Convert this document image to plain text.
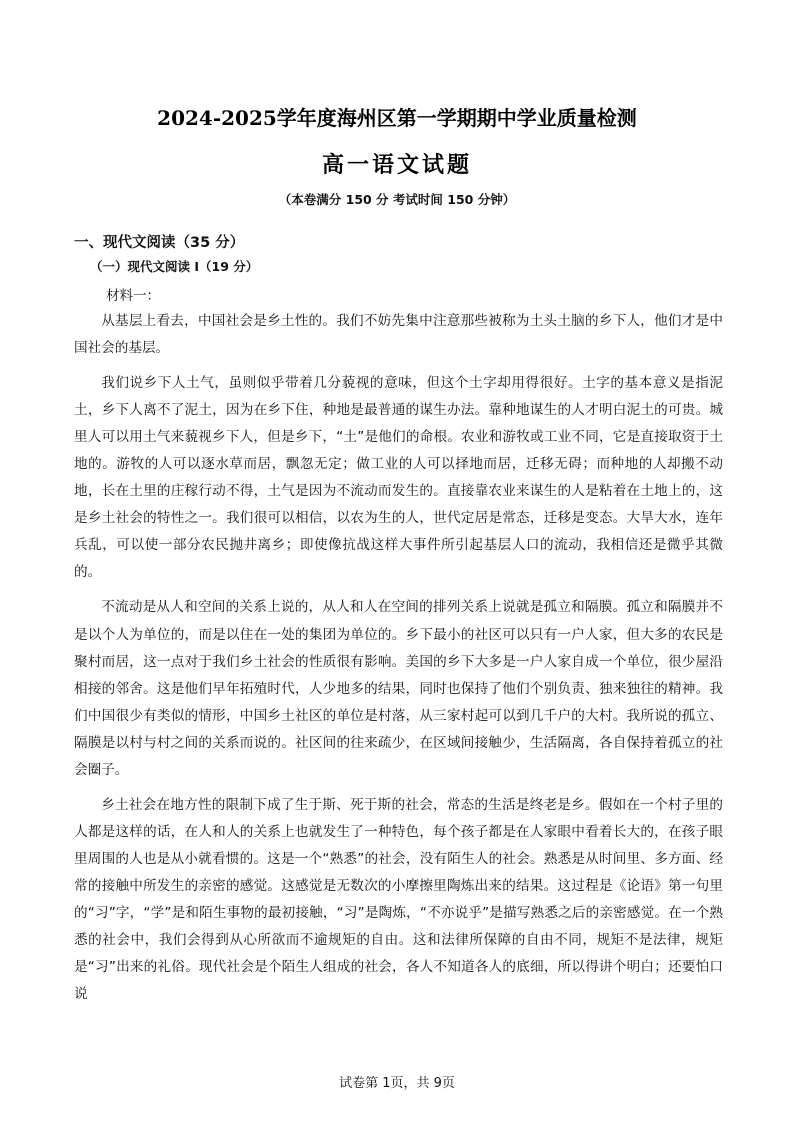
2024-2025学年度海州区第一学期期中学业质量检测
高一语文试题
（本卷满分 150 分 考试时间 150 分钟）
一、现代文阅读（35 分）
（一）现代文阅读 I（19 分）
材料一：

从基层上看去，中国社会是乡土性的。我们不妨先集中注意那些被称为土头土脑的乡下人，他们才是中国社会的基层。

我们说乡下人土气，虽则似乎带着几分藐视的意味，但这个土字却用得很好。土字的基本意义是指泥土，乡下人离不了泥土，因为在乡下住，种地是最普通的谋生办法。靠种地谋生的人才明白泥土的可贵。城里人可以用土气来藐视乡下人，但是乡下，“土”是他们的命根。农业和游牧或工业不同，它是直接取资于土地的。游牧的人可以逐水草而居，飘忽无定；做工业的人可以择地而居，迁移无碍；而种地的人却搬不动地，长在土里的庄稼行动不得，土气是因为不流动而发生的。直接靠农业来谋生的人是粘着在土地上的，这是乡土社会的特性之一。我们很可以相信，以农为生的人，世代定居是常态，迁移是变态。大旱大水，连年兵乱，可以使一部分农民抛井离乡；即使像抗战这样大事件所引起基层人口的流动，我相信还是微乎其微的。

不流动是从人和空间的关系上说的，从人和人在空间的排列关系上说就是孤立和隔膜。孤立和隔膜并不是以个人为单位的，而是以住在一处的集团为单位的。乡下最小的社区可以只有一户人家，但大多的农民是聚村而居，这一点对于我们乡土社会的性质很有影响。美国的乡下大多是一户人家自成一个单位，很少屋沿相接的邻舍。这是他们早年拓殖时代，人少地多的结果，同时也保持了他们个别负责、独来独往的精神。我们中国很少有类似的情形，中国乡土社区的单位是村落，从三家村起可以到几千户的大村。我所说的孤立、隔膜是以村与村之间的关系而说的。社区间的往来疏少，在区域间接触少，生活隔离，各自保持着孤立的社会圈子。

乡土社会在地方性的限制下成了生于斯、死于斯的社会，常态的生活是终老是乡。假如在一个村子里的人都是这样的话，在人和人的关系上也就发生了一种特色，每个孩子都是在人家眼中看着长大的，在孩子眼里周围的人也是从小就看惯的。这是一个“熟悉”的社会，没有陌生人的社会。熟悉是从时间里、多方面、经常的接触中所发生的亲密的感觉。这感觉是无数次的小摩擦里陶炼出来的结果。这过程是《论语》第一句里的“习”字，“学”是和陌生事物的最初接触，“习”是陶炼，“不亦说乎”是描写熟悉之后的亲密感觉。在一个熟悉的社会中，我们会得到从心所欲而不逾规矩的自由。这和法律所保障的自由不同，规矩不是法律，规矩是“习”出来的礼俗。现代社会是个陌生人组成的社会，各人不知道各人的底细，所以得讲个明白；还要怕口说

试卷第 1页，共 9页
